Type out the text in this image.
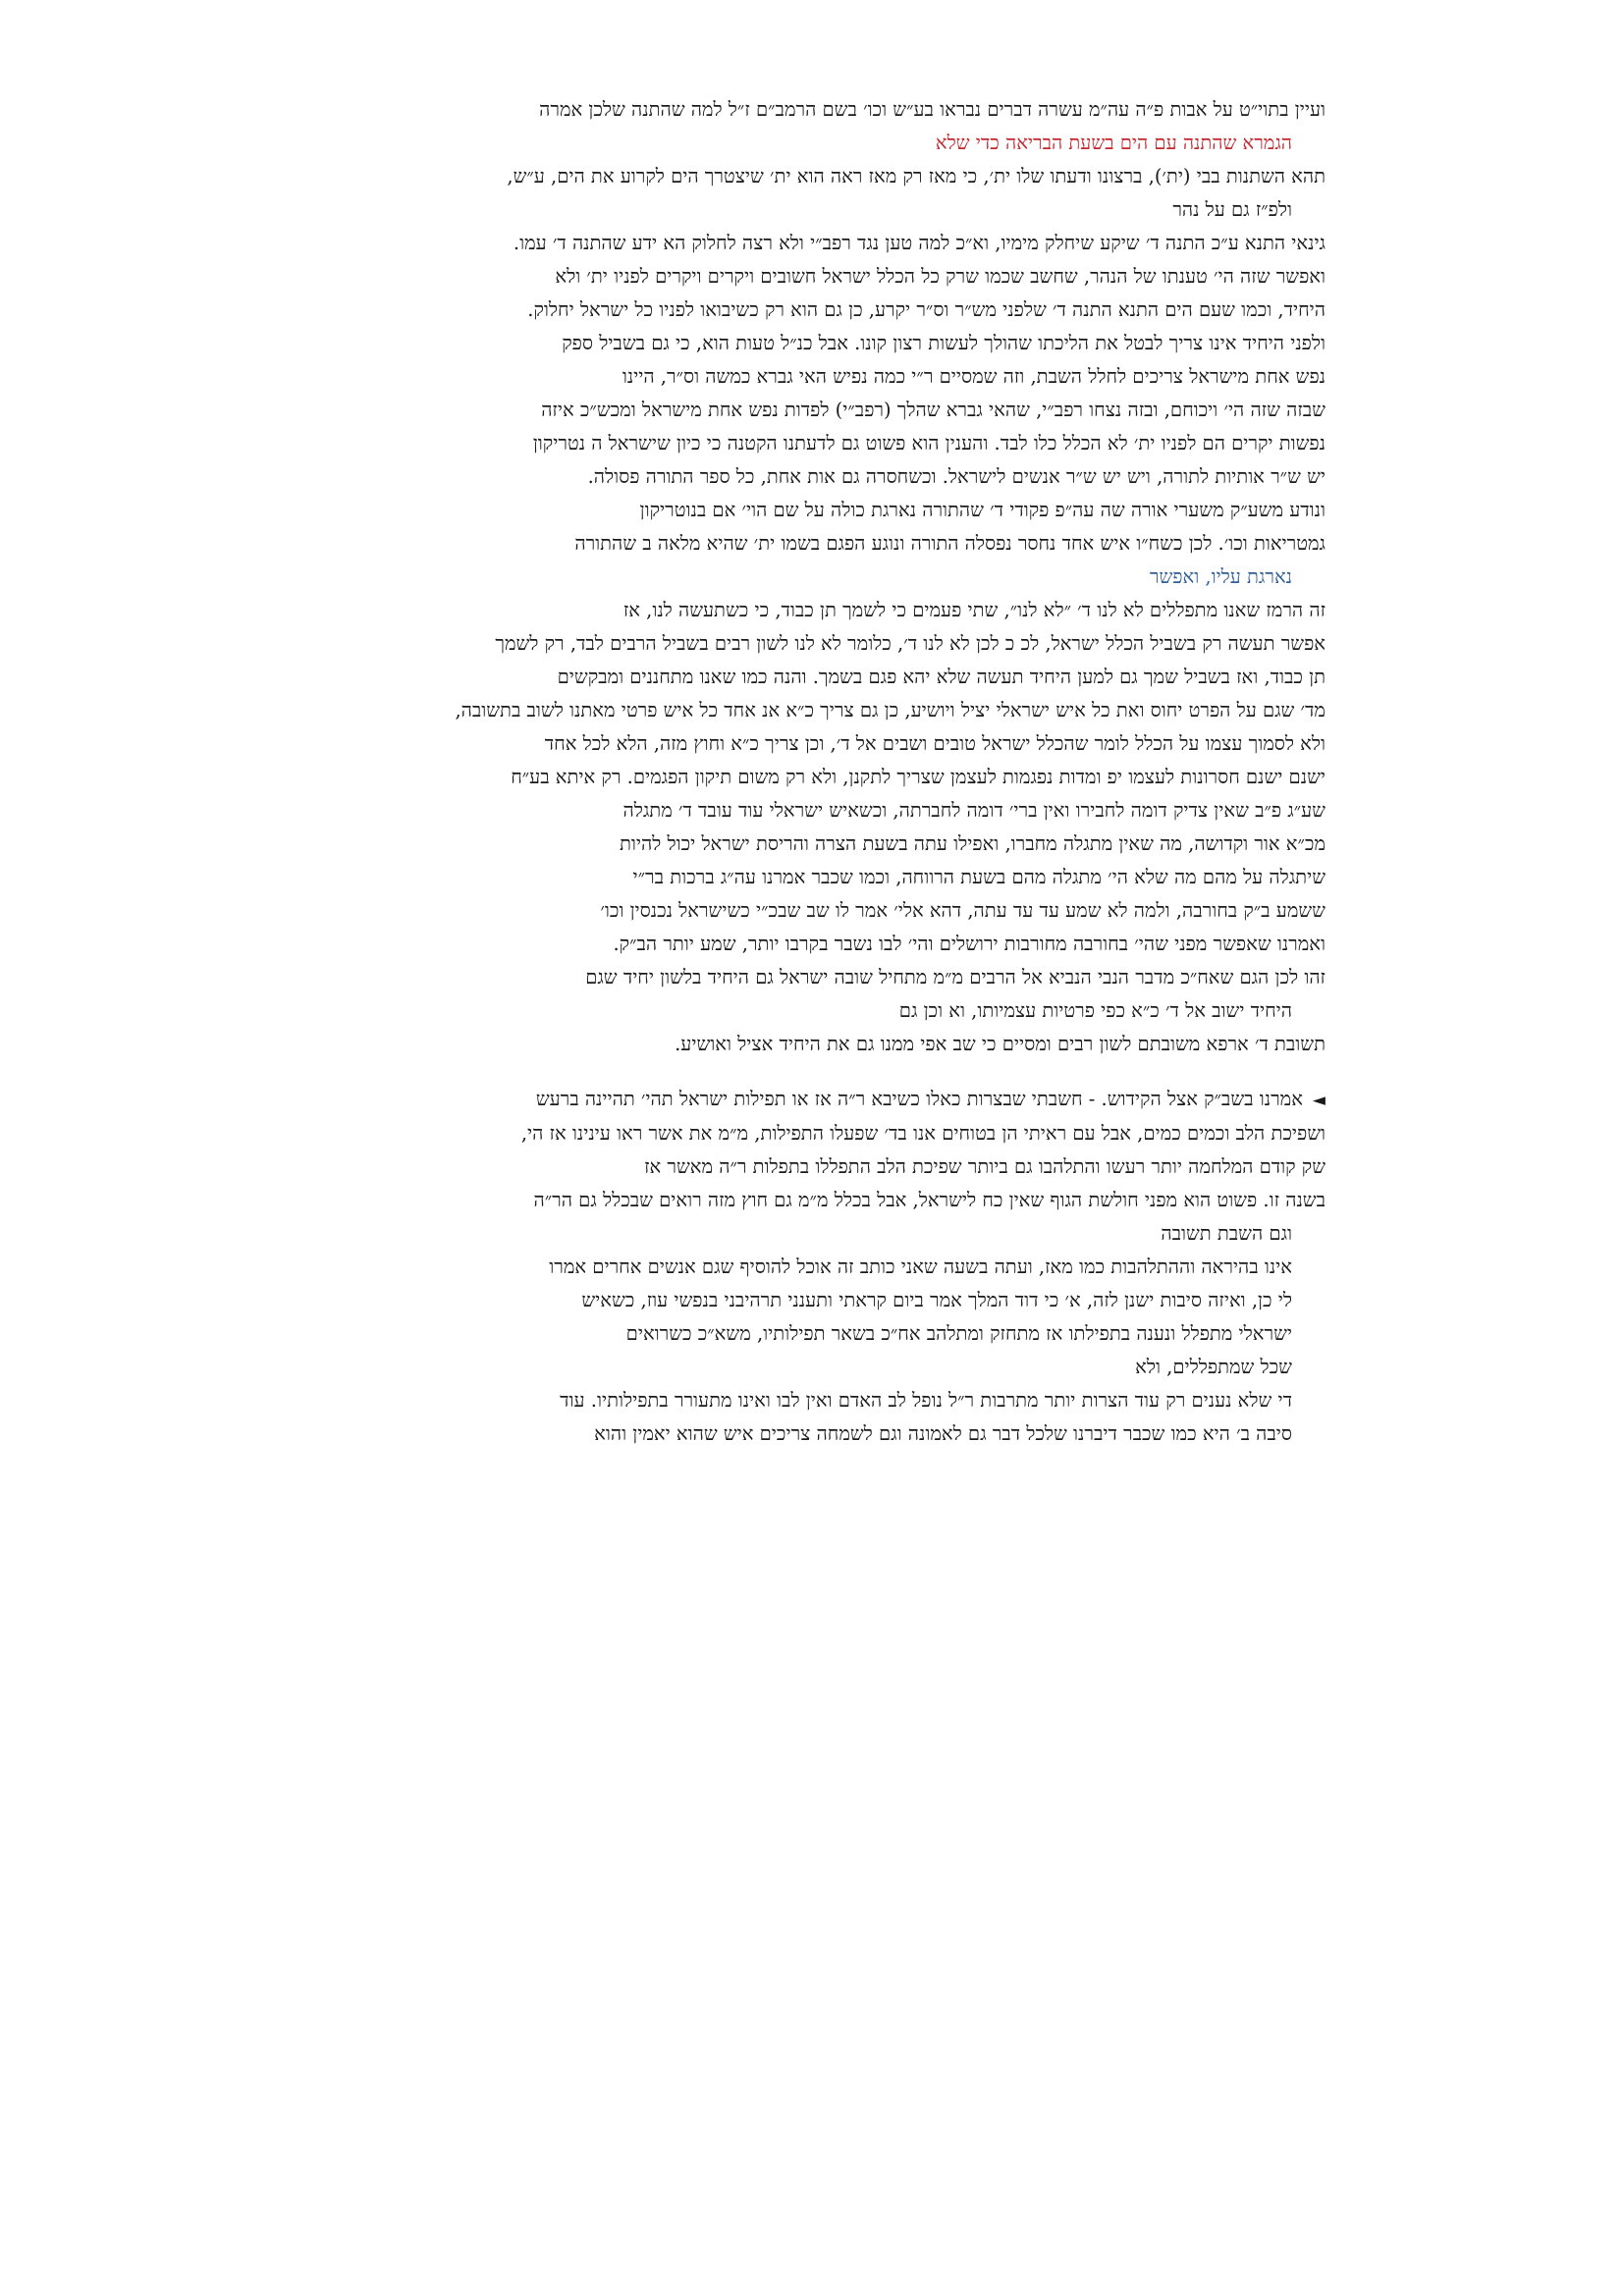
ועיין בתוי״ט על אבות פ״ה עה״מ עשרה דברים נבראו בע״ש וכו׳ בשם הרמב״ם ז״ל למה שהתנה שלכן אמרה
הגמרא שהתנה עם הים בשעת הבריאה כדי שלא
תהא השתנות בבי (ית׳), ברצונו ודעתו שלו ית׳, כי מאז רק מאז ראה הוא ית׳ שיצטרך הים לקרוע את הים, ע״ש,
ולפ״ז גם על נהר
גינאי התנא ע״כ התנה ד׳ שיקע שיחלק מימיו, וא״כ למה טען נגד רפב״י ולא רצה לחלוק הא ידע שהתנה ד׳ עמו.
ואפשר שזה הי׳ טענתו של הנהר, שחשב שכמו שרק כל הכלל ישראל חשובים ויקרים ויקרים לפניו ית׳ ולא
היחיד, וכמו שעם הים התנא התנה ד׳ שלפני מש״ר וס״ר יקרע, כן גם הוא רק כשיבואו לפניו כל ישראל יחלוק.
ולפני היחיד אינו צריך לבטל את הליכתו שהולך לעשות רצון קונו. אבל כנ״ל טעות הוא, כי גם בשביל ספק
נפש אחת מישראל צריכים לחלל השבת, וזה שמסיים ר״י כמה נפיש האי גברא כמשה וס״ר, היינו
שבזה שזה הי׳ ויכוחם, ובזה נצחו רפב״י, שהאי גברא שהלך (רפב״י) לפדות נפש אחת מישראל ומכש״כ איזה
נפשות יקרים הם לפניו ית׳ לא הכלל כלו לבד. והענין הוא פשוט גם לדעתנו הקטנה כי כיון שישראל ה נטריקון
יש ש״ר אותיות לתורה, ויש יש ש״ר אנשים לישראל. וכשחסרה גם אות אחת, כל ספר התורה פסולה.
ונודע משע״ק משערי אורה שה עה״פ פקודי ד׳ שהתורה נארגת כולה על שם הוי׳ אם בנוטריקון
גמטריאות וכו׳. לכן כשח״ו איש אחד נחסר נפסלה התורה ונוגע הפגם בשמו ית׳ שהיא מלאה ב שהתורה
נארגת עליו, ואפשר
זה הרמז שאנו מתפללים לא לנו ד׳ ״לא לנו״, שתי פעמים כי לשמך תן כבוד, כי כשתעשה לנו, אז
אפשר תעשה רק בשביל הכלל ישראל, לכ כ לכן לא לנו ד׳, כלומר לא לנו לשון רבים בשביל הרבים לבד, רק לשמך
תן כבוד, ואז בשביל שמך גם למען היחיד תעשה שלא יהא פגם בשמך. והנה כמו שאנו מתחננים ומבקשים
מד׳ שגם על הפרט יחוס ואת כל איש ישראלי יציל ויושיע, כן גם צריך כ״א אנ אחד כל איש פרטי מאתנו לשוב בתשובה,
ולא לסמוך עצמו על הכלל לומר שהכלל ישראל טובים ושבים אל ד׳, וכן צריך כ״א וחוץ מזה, הלא לכל אחד
ישנם ישנם חסרונות לעצמו יפ ומדות נפגמות לעצמן שצריך לתקנן, ולא רק משום תיקון הפגמים. רק איתא בע״ח
שע״ג פ״ב שאין צדיק דומה לחבירו ואין ברי׳ דומה לחברתה, וכשאיש ישראלי עוד עובד ד׳ מתגלה
מכ״א אור וקדושה, מה שאין מתגלה מחברו, ואפילו עתה בשעת הצרה והריסת ישראל יכול להיות
שיתגלה על מהם מה שלא הי׳ מתגלה מהם בשעת הרווחה, וכמו שכבר אמרנו עה״ג ברכות בר״י
ששמע ב״ק בחורבה, ולמה לא שמע עד עד עתה, דהא אלי׳ אמר לו שב שבכ״י כשישראל נכנסין וכו׳
ואמרנו שאפשר מפני שהי׳ בחורבה מחורבות ירושלים והי׳ לבו נשבר בקרבו יותר, שמע יותר הב״ק.
זהו לכן הגם שאח״כ מדבר הנבי הנביא אל הרבים מ״מ מתחיל שובה ישראל גם היחיד בלשון יחיד שגם
היחיד ישוב אל ד׳ כ״א כפי פרטיות עצמיותו, וא וכן גם
תשובת ד׳ ארפא משובתם לשון רבים ומסיים כי שב אפי ממנו גם את היחיד אציל ואושיע.
◄אמרנו בשב״ק אצל הקידוש. - חשבתי שבצרות כאלו כשיבא ר״ה אז או תפילות ישראל תהי׳ תהיינה ברעש
ושפיכת הלב וכמים כמים, אבל עם ראיתי הן בטוחים אנו בד׳ שפעלו התפילות, מ״מ את אשר ראו עינינו אז הי,
שק קודם המלחמה יותר רעשו והתלהבו גם ביותר שפיכת הלב התפללו בתפלות ר״ה מאשר אז
בשנה זו. פשוט הוא מפני חולשת הגוף שאין כח לישראל, אבל בכלל מ״מ גם חוץ מזה רואים שבכלל גם הר״ה
וגם השבת תשובה
אינו בהיראה וההתלהבות כמו מאז, ועתה בשעה שאני כותב זה אוכל להוסיף שגם אנשים אחרים אמרו
לי כן, ואיזה סיבות ישנן לזה, א׳ כי דוד המלך אמר ביום קראתי ותענני תרהיבני בנפשי עוז, כשאיש
ישראלי מתפלל ונענה בתפילתו אז מתחזק ומתלהב אח״כ בשאר תפילותיו, משא״כ כשרואים
שכל שמתפללים, ולא
די שלא נענים רק עוד הצרות יותר מתרבות ר״ל נופל לב האדם ואין לבו ואינו מתעורר בתפילותיו. עוד
סיבה ב׳ היא כמו שכבר דיברנו שלכל דבר גם לאמונה וגם לשמחה צריכים איש שהוא יאמין והוא
